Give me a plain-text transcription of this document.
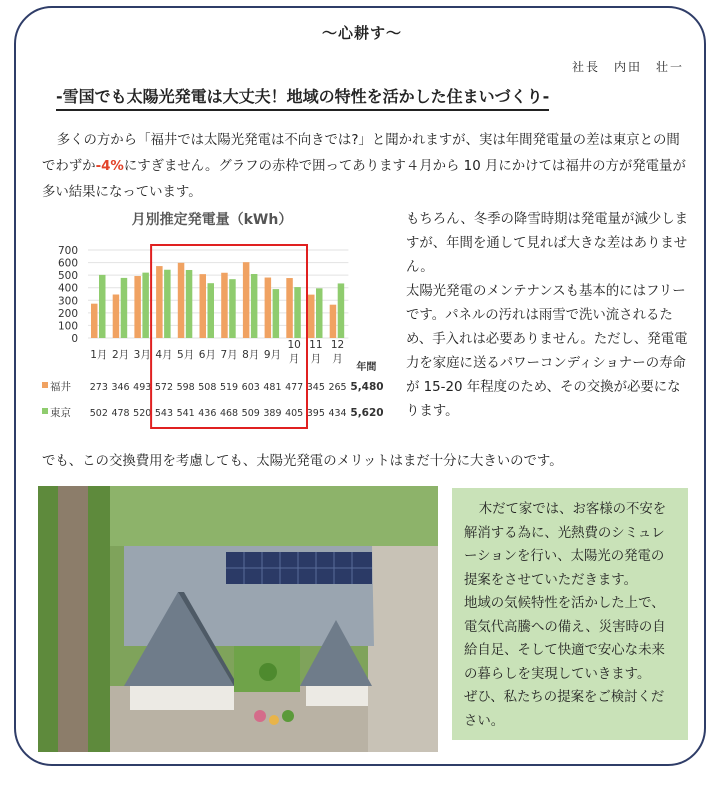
～心耕す～
社長　内田　壮一
-雪国でも太陽光発電は大丈夫！地域の特性を活かした住まいづくり-
多くの方から「福井では太陽光発電は不向きでは?」と聞かれますが、実は年間発電量の差は東京との間でわずか-4%にすぎません。グラフの赤枠で囲ってあります４月から 10 月にかけては福井の方が発電量が多い結果になっています。
月別推定発電量（kWh）
700
600
500
400
300
200
100
0
1月 2月 3月 4月 5月 6月 7月 8月 9月
10
月
11
月
12
月
年間
福井 273 346 493 572 598 508 519 603 481 477 345 265 5,480
東京 502 478 520 543 541 436 468 509 389 405 395 434 5,620

もちろん、冬季の降雪時期は発電量が減少しますが、年間を通して見れば大きな差はありません。

太陽光発電のメンテナンスも基本的にはフリーです。パネルの汚れは雨雪で洗い流されるため、手入れは必要ありません。ただし、発電電力を家庭に送るパワーコンディショナーの寿命が 15-20 年程度のため、その交換が必要になります。

でも、この交換費用を考慮しても、太陽光発電のメリットはまだ十分に大きいのです。

木だて家では、お客様の不安を解消する為に、光熱費のシミュレーションを行い、太陽光の発電の提案をさせていただきます。

地域の気候特性を活かした上で、電気代高騰への備え、災害時の自給自足、そして快適で安心な未来の暮らしを実現していきます。

ぜひ、私たちの提案をご検討ください。
